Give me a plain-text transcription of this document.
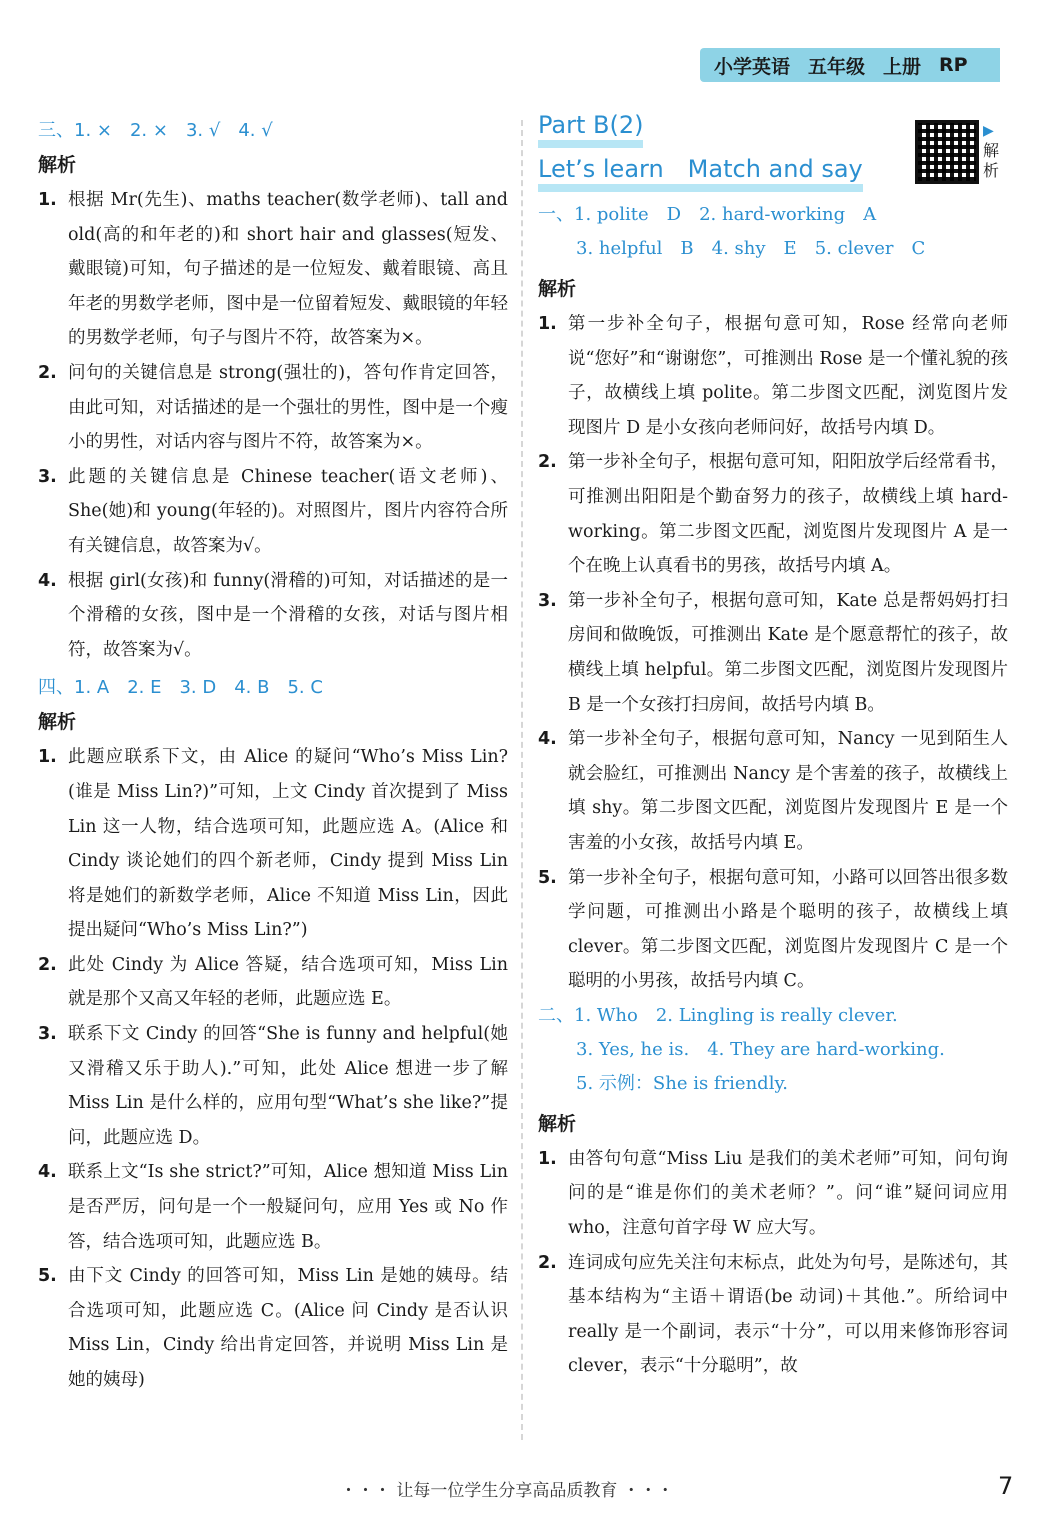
小学英语 五年级 上册 RP
三、1. ×　2. ×　3. √　4. √
解析
1. 根据 Mr(先生)、maths teacher(数学老师)、tall and old(高的和年老的)和 short hair and glasses(短发、戴眼镜)可知，句子描述的是一位短发、戴着眼镜、高且年老的男数学老师，图中是一位留着短发、戴眼镜的年轻的男数学老师，句子与图片不符，故答案为×。
2. 问句的关键信息是 strong(强壮的)，答句作肯定回答，由此可知，对话描述的是一个强壮的男性，图中是一个瘦小的男性，对话内容与图片不符，故答案为×。
3. 此题的关键信息是 Chinese teacher(语文老师)、She(她)和 young(年轻的)。对照图片，图片内容符合所有关键信息，故答案为√。
4. 根据 girl(女孩)和 funny(滑稽的)可知，对话描述的是一个滑稽的女孩，图中是一个滑稽的女孩，对话与图片相符，故答案为√。
四、1. A　2. E　3. D　4. B　5. C
解析
1. 此题应联系下文，由 Alice 的疑问“Who’s Miss Lin?(谁是 Miss Lin?)”可知，上文 Cindy 首次提到了 Miss Lin 这一人物，结合选项可知，此题应选 A。(Alice 和 Cindy 谈论她们的四个新老师，Cindy 提到 Miss Lin 将是她们的新数学老师，Alice 不知道 Miss Lin，因此提出疑问“Who’s Miss Lin?”)
2. 此处 Cindy 为 Alice 答疑，结合选项可知，Miss Lin 就是那个又高又年轻的老师，此题应选 E。
3. 联系下文 Cindy 的回答“She is funny and helpful(她又滑稽又乐于助人).”可知，此处 Alice 想进一步了解 Miss Lin 是什么样的，应用句型“What’s she like?”提问，此题应选 D。
4. 联系上文“Is she strict?”可知，Alice 想知道 Miss Lin 是否严厉，问句是一个一般疑问句，应用 Yes 或 No 作答，结合选项可知，此题应选 B。
5. 由下文 Cindy 的回答可知，Miss Lin 是她的姨母。结合选项可知，此题应选 C。(Alice 问 Cindy 是否认识 Miss Lin，Cindy 给出肯定回答，并说明 Miss Lin 是她的姨母)
Part B(2)
Let’s learn　Match and say
一、1. polite　D　2. hard-working　A
3. helpful　B　4. shy　E　5. clever　C
解析
1. 第一步补全句子，根据句意可知，Rose 经常向老师说“您好”和“谢谢您”，可推测出 Rose 是一个懂礼貌的孩子，故横线上填 polite。第二步图文匹配，浏览图片发现图片 D 是小女孩向老师问好，故括号内填 D。
2. 第一步补全句子，根据句意可知，阳阳放学后经常看书，可推测出阳阳是个勤奋努力的孩子，故横线上填 hard-working。第二步图文匹配，浏览图片发现图片 A 是一个在晚上认真看书的男孩，故括号内填 A。
3. 第一步补全句子，根据句意可知，Kate 总是帮妈妈打扫房间和做晚饭，可推测出 Kate 是个愿意帮忙的孩子，故横线上填 helpful。第二步图文匹配，浏览图片发现图片 B 是一个女孩打扫房间，故括号内填 B。
4. 第一步补全句子，根据句意可知，Nancy 一见到陌生人就会脸红，可推测出 Nancy 是个害羞的孩子，故横线上填 shy。第二步图文匹配，浏览图片发现图片 E 是一个害羞的小女孩，故括号内填 E。
5. 第一步补全句子，根据句意可知，小路可以回答出很多数学问题，可推测出小路是个聪明的孩子，故横线上填 clever。第二步图文匹配，浏览图片发现图片 C 是一个聪明的小男孩，故括号内填 C。
二、1. Who　2. Lingling is really clever.
3. Yes, he is.　4. They are hard-working.
5. 示例：She is friendly.
解析
1. 由答句句意“Miss Liu 是我们的美术老师”可知，问句询问的是“谁是你们的美术老师？”。问“谁”疑问词应用 who，注意句首字母 W 应大写。
2. 连词成句应先关注句末标点，此处为句号，是陈述句，其基本结构为“主语＋谓语(be 动词)＋其他.”。所给词中 really 是一个副词，表示“十分”，可以用来修饰形容词 clever，表示“十分聪明”，故
▶解析
・・・ 让每一位学生分享高品质教育 ・・・	7
